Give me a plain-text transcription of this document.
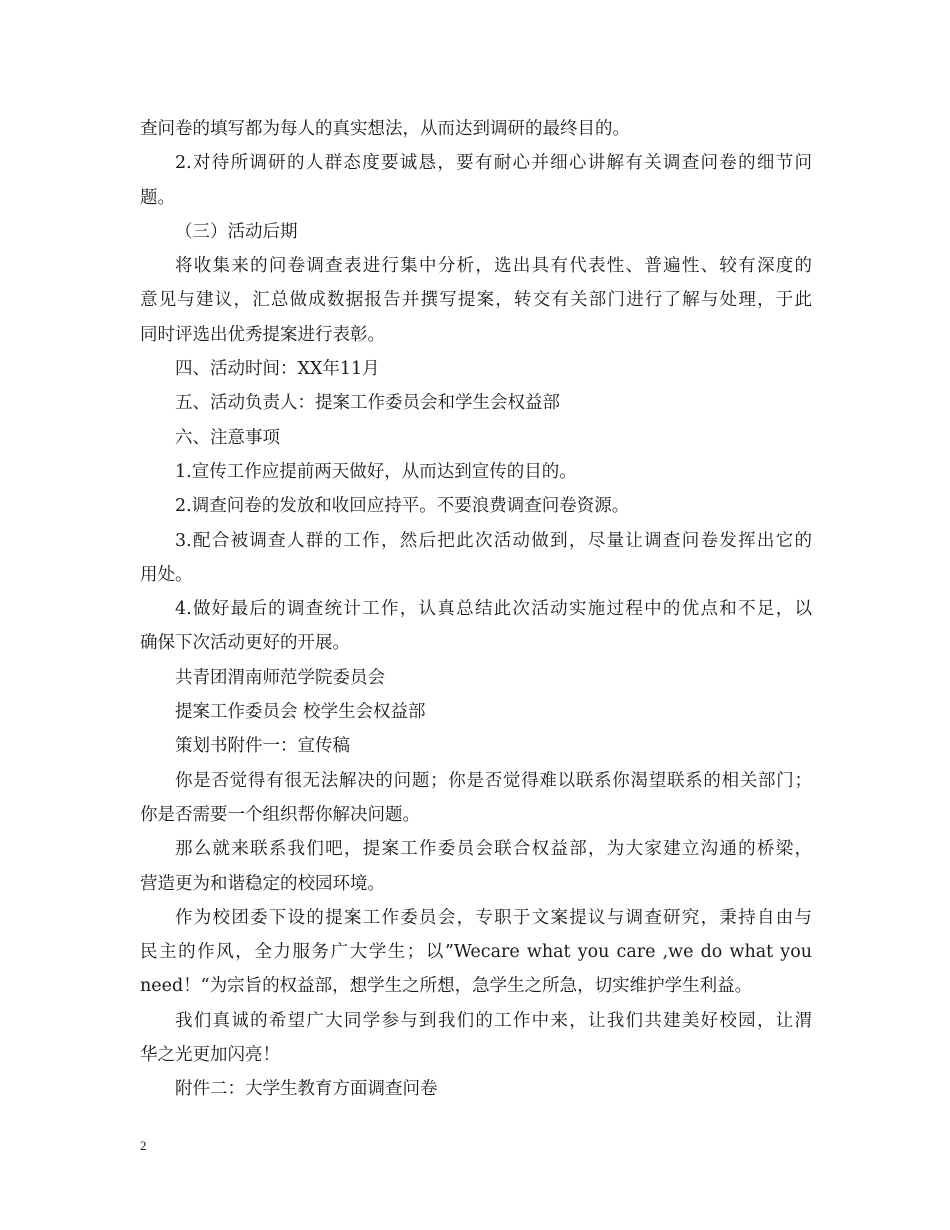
查问卷的填写都为每人的真实想法，从而达到调研的最终目的。
2.对待所调研的人群态度要诚恳，要有耐心并细心讲解有关调查问卷的细节问
题。
（三）活动后期
将收集来的问卷调查表进行集中分析，选出具有代表性、普遍性、较有深度的
意见与建议，汇总做成数据报告并撰写提案，转交有关部门进行了解与处理，于此
同时评选出优秀提案进行表彰。
四、活动时间：XX年11月
五、活动负责人：提案工作委员会和学生会权益部
六、注意事项
1.宣传工作应提前两天做好，从而达到宣传的目的。
2.调查问卷的发放和收回应持平。不要浪费调查问卷资源。
3.配合被调查人群的工作，然后把此次活动做到，尽量让调查问卷发挥出它的
用处。
4.做好最后的调查统计工作，认真总结此次活动实施过程中的优点和不足，以
确保下次活动更好的开展。
共青团渭南师范学院委员会
提案工作委员会 校学生会权益部
策划书附件一：宣传稿
你是否觉得有很无法解决的问题；你是否觉得难以联系你渴望联系的相关部门；
你是否需要一个组织帮你解决问题。
那么就来联系我们吧，提案工作委员会联合权益部，为大家建立沟通的桥梁，
营造更为和谐稳定的校园环境。
作为校团委下设的提案工作委员会，专职于文案提议与调查研究，秉持自由与
民主的作风，全力服务广大学生；以”Wecare what you care ,we do what you
need！“为宗旨的权益部，想学生之所想，急学生之所急，切实维护学生利益。
我们真诚的希望广大同学参与到我们的工作中来，让我们共建美好校园，让渭
华之光更加闪亮！
附件二：大学生教育方面调查问卷
2
